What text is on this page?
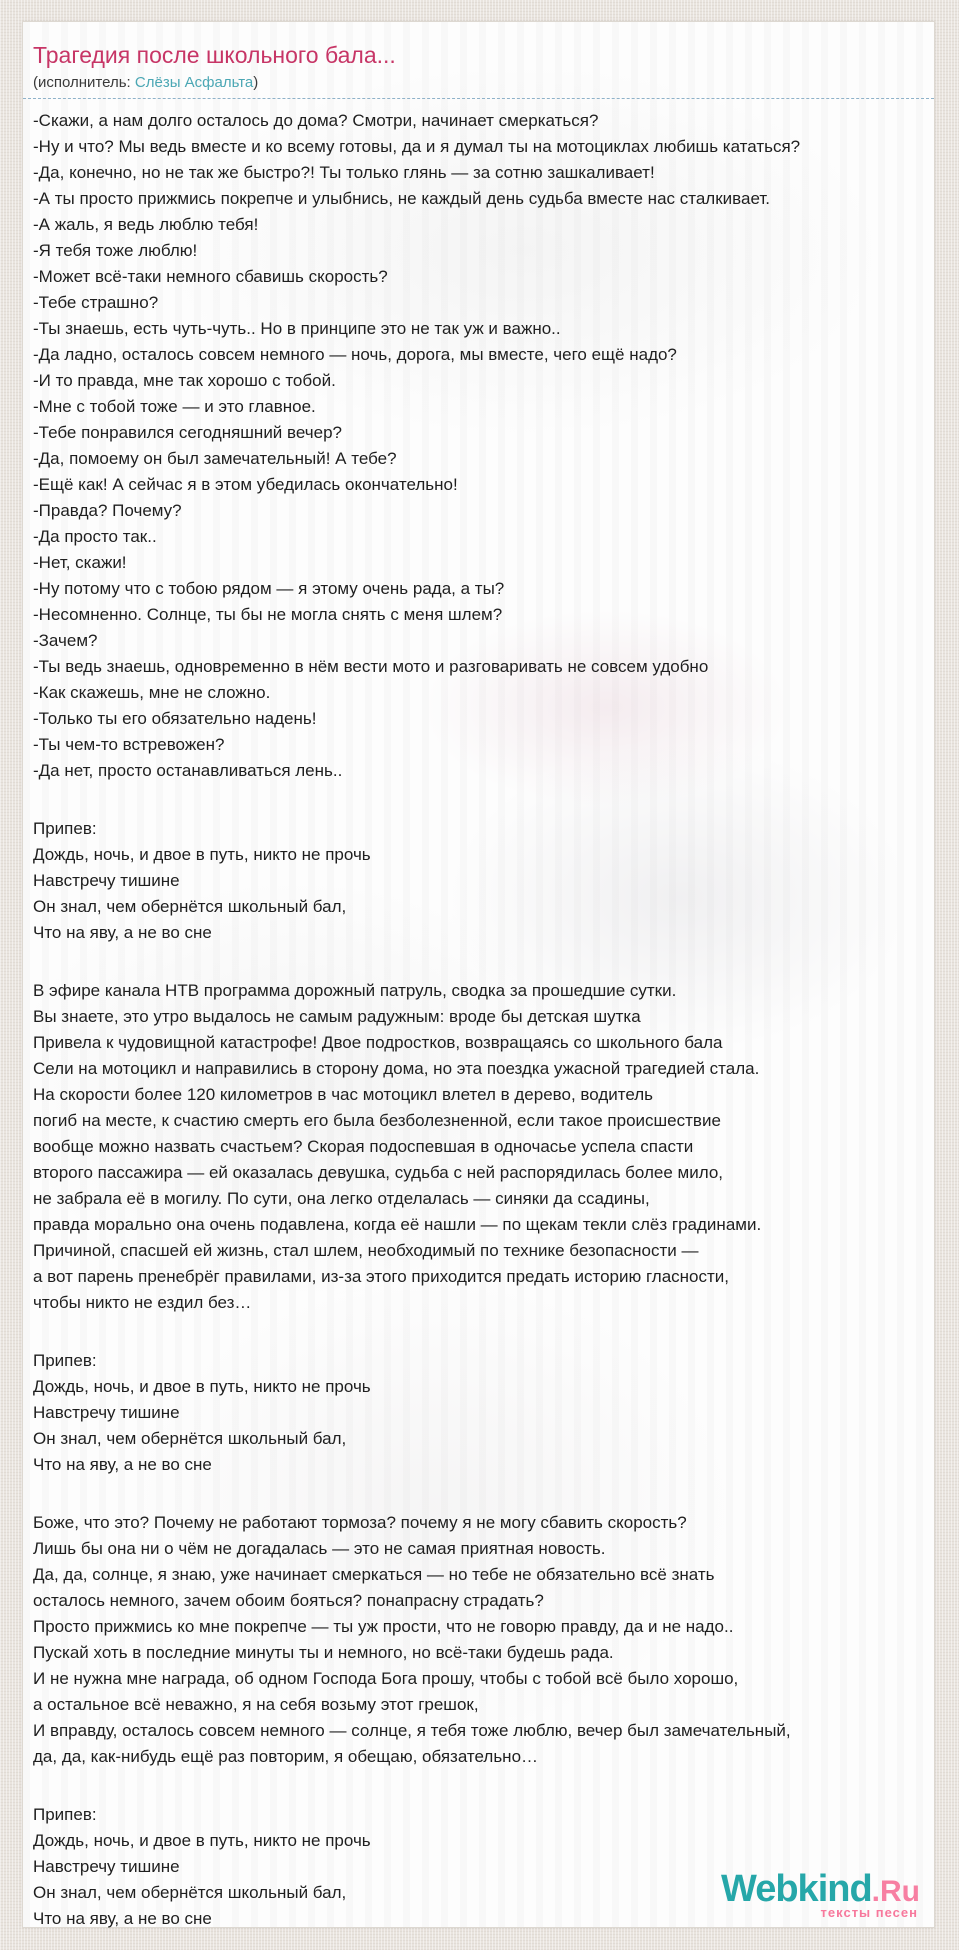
Трагедия после школьного бала...
(исполнитель: Слёзы Асфальта)
-Скажи, а нам долго осталось до дома? Смотри, начинает смеркаться?
-Ну и что? Мы ведь вместе и ко всему готовы, да и я думал ты на мотоциклах любишь кататься?
-Да, конечно, но не так же быстро?! Ты только глянь — за сотню зашкаливает!
-А ты просто прижмись покрепче и улыбнись, не каждый день судьба вместе нас сталкивает.
-А жаль, я ведь люблю тебя!
-Я тебя тоже люблю!
-Может всё-таки немного сбавишь скорость?
-Тебе страшно?
-Ты знаешь, есть чуть-чуть.. Но в принципе это не так уж и важно..
-Да ладно, осталось совсем немного — ночь, дорога, мы вместе, чего ещё надо?
-И то правда, мне так хорошо с тобой.
-Мне с тобой тоже — и это главное.
-Тебе понравился сегодняшний вечер?
-Да, помоему он был замечательный! А тебе?
-Ещё как! А сейчас я в этом убедилась окончательно!
-Правда? Почему?
-Да просто так..
-Нет, скажи!
-Ну потому что с тобою рядом — я этому очень рада, а ты?
-Несомненно. Солнце, ты бы не могла снять с меня шлем?
-Зачем?
-Ты ведь знаешь, одновременно в нём вести мото и разговаривать не совсем удобно
-Как скажешь, мне не сложно.
-Только ты его обязательно надень!
-Ты чем-то встревожен?
-Да нет, просто останавливаться лень..
Припев:
Дождь, ночь, и двое в путь, никто не прочь
Навстречу тишине
Он знал, чем обернётся школьный бал,
Что на яву, а не во сне
В эфире канала НТВ программа дорожный патруль, сводка за прошедшие сутки.
Вы знаете, это утро выдалось не самым радужным: вроде бы детская шутка
Привела к чудовищной катастрофе! Двое подростков, возвращаясь со школьного бала
Сели на мотоцикл и направились в сторону дома, но эта поездка ужасной трагедией стала.
На скорости более 120 километров в час мотоцикл влетел в дерево, водитель
погиб на месте, к счастию смерть его была безболезненной, если такое происшествие
вообще можно назвать счастьем? Скорая подоспевшая в одночасье успела спасти
второго пассажира — ей оказалась девушка, судьба с ней распорядилась более мило,
не забрала её в могилу. По сути, она легко отделалась — синяки да ссадины,
правда морально она очень подавлена, когда её нашли — по щекам текли слёз градинами.
Причиной, спасшей ей жизнь, стал шлем, необходимый по технике безопасности —
а вот парень пренебрёг правилами, из-за этого приходится предать историю гласности,
чтобы никто не ездил без…
Припев:
Дождь, ночь, и двое в путь, никто не прочь
Навстречу тишине
Он знал, чем обернётся школьный бал,
Что на яву, а не во сне
Боже, что это? Почему не работают тормоза? почему я не могу сбавить скорость?
Лишь бы она ни о чём не догадалась — это не самая приятная новость.
Да, да, солнце, я знаю, уже начинает смеркаться — но тебе не обязательно всё знать
осталось немного, зачем обоим бояться? понапрасну страдать?
Просто прижмись ко мне покрепче — ты уж прости, что не говорю правду, да и не надо..
Пускай хоть в последние минуты ты и немного, но всё-таки будешь рада.
И не нужна мне награда, об одном Господа Бога прошу, чтобы с тобой всё было хорошо,
а остальное всё неважно, я на себя возьму этот грешок,
И вправду, осталось совсем немного — солнце, я тебя тоже люблю, вечер был замечательный,
да, да, как-нибудь ещё раз повторим, я обещаю, обязательно…
Припев:
Дождь, ночь, и двое в путь, никто не прочь
Навстречу тишине
Он знал, чем обернётся школьный бал,
Что на яву, а не во сне
Webkind.Ru
тексты песен
